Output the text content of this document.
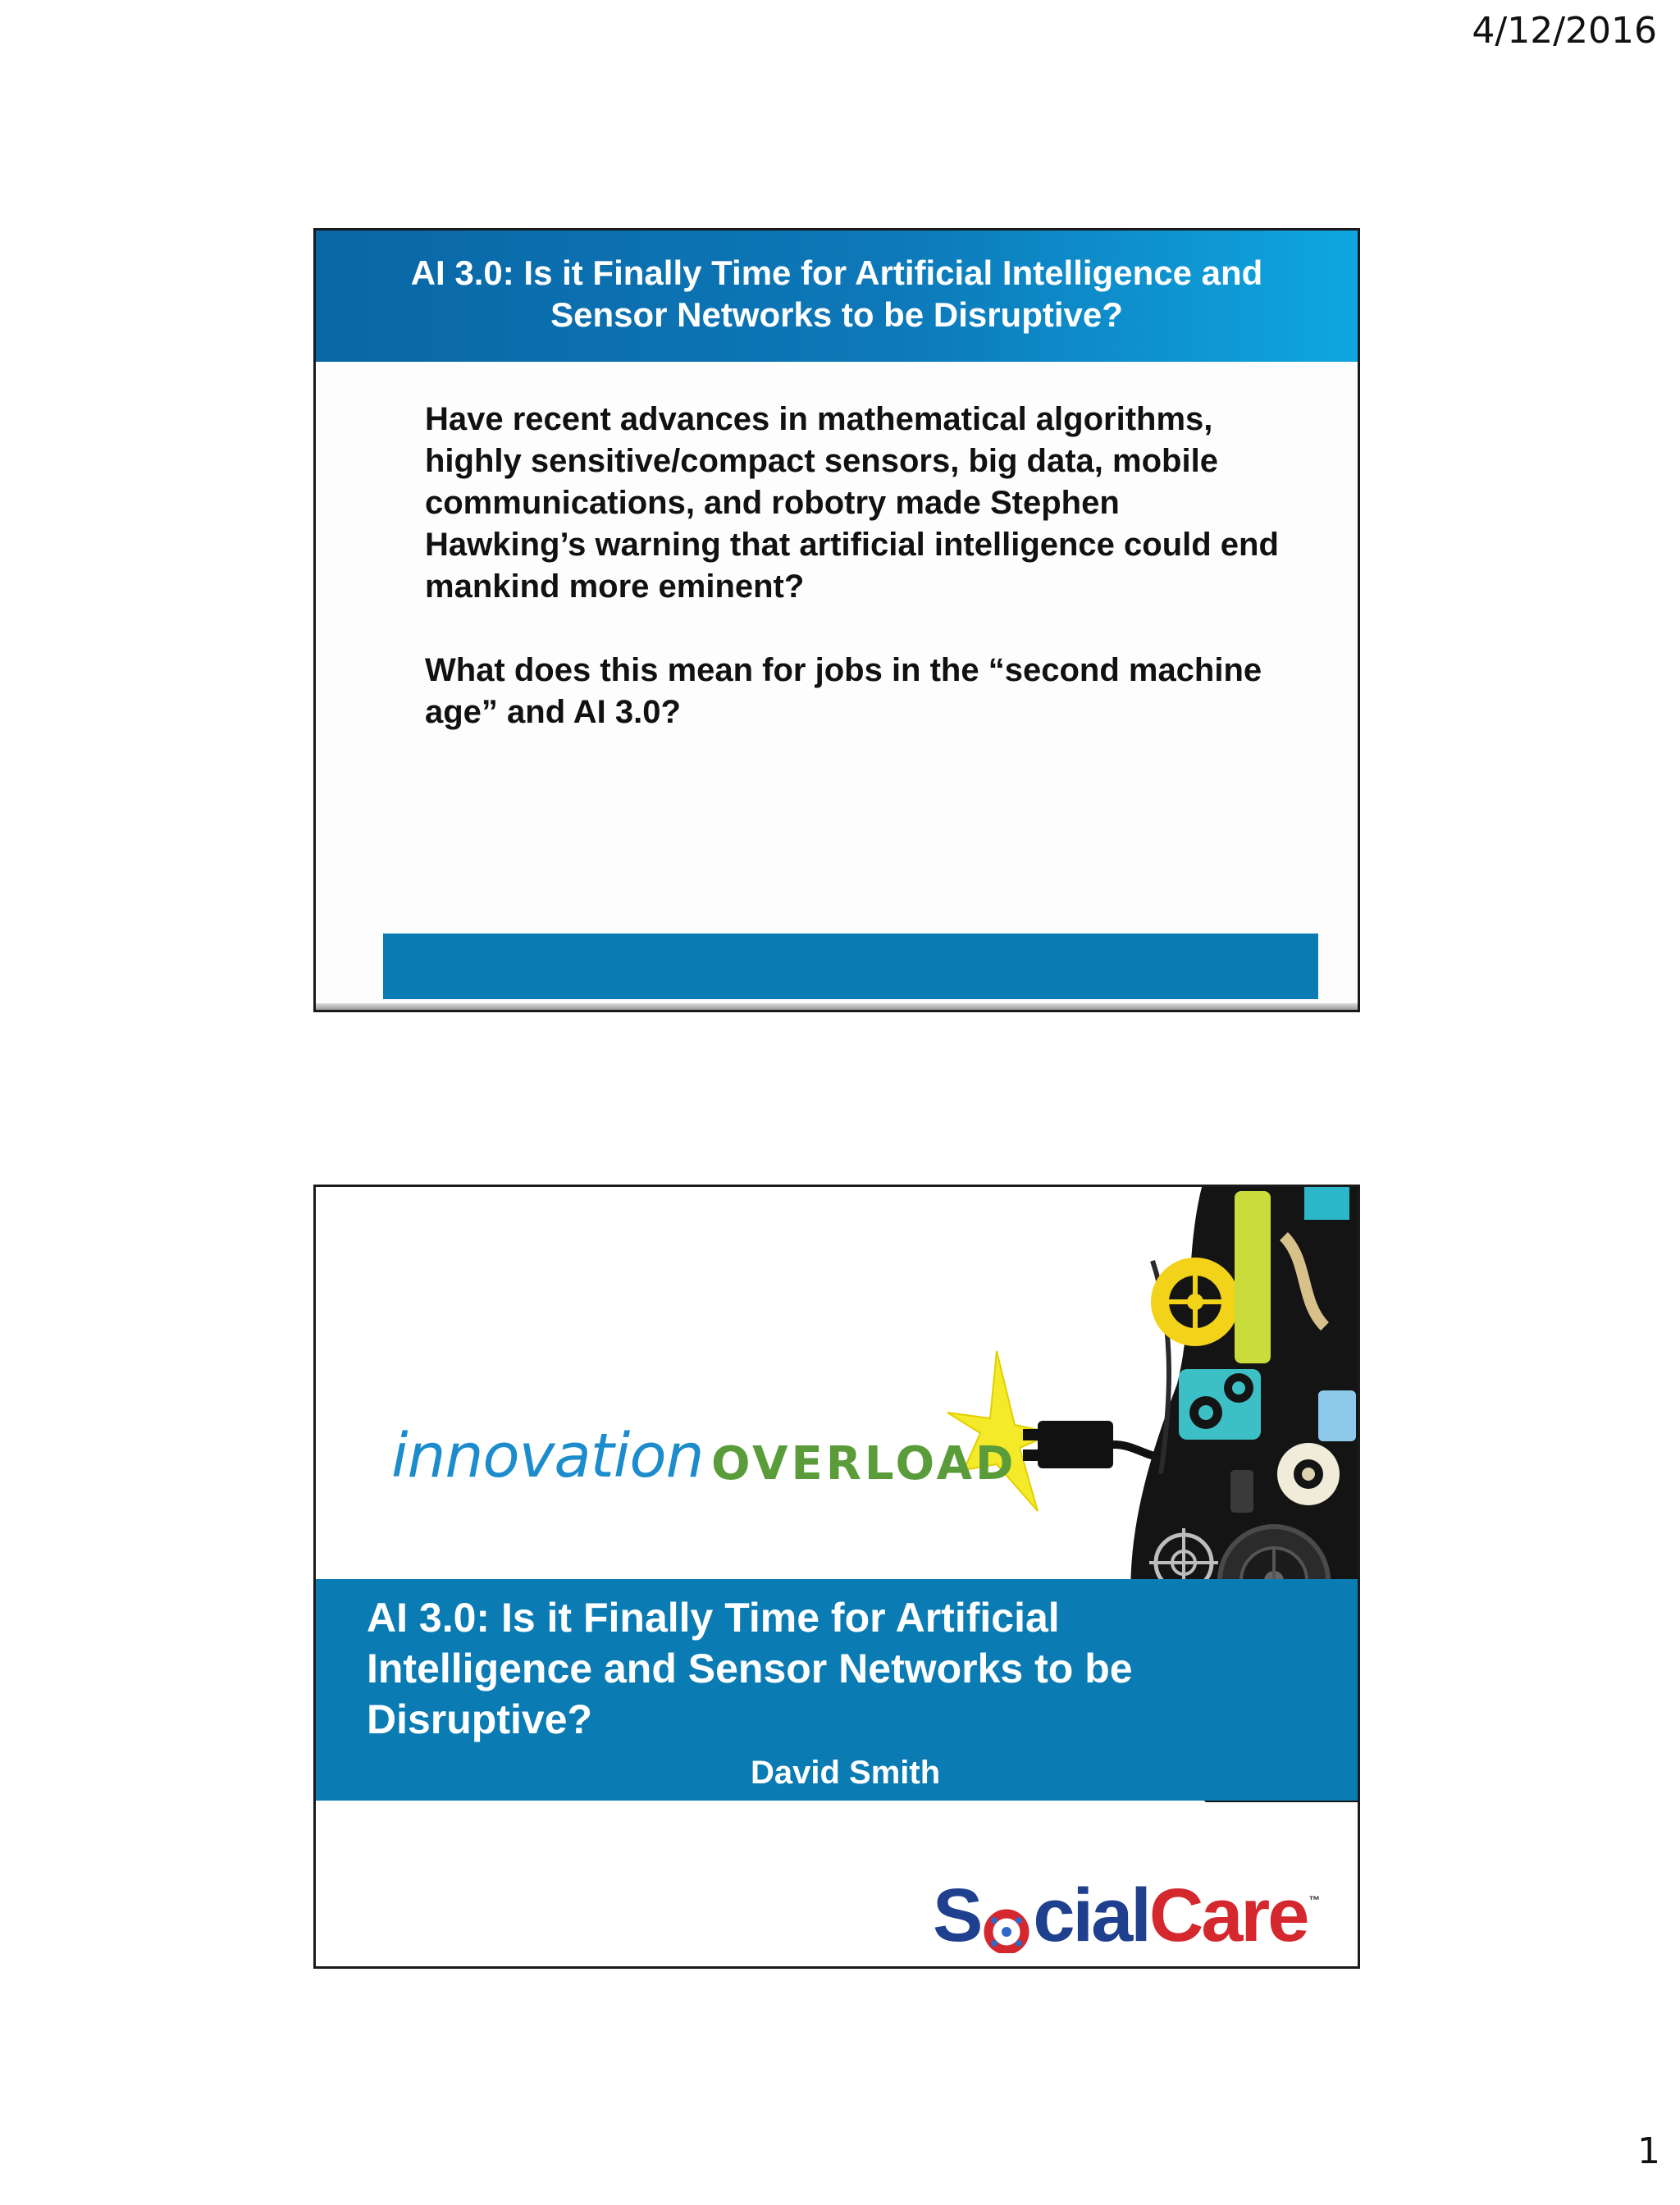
4/12/2016
AI 3.0: Is it Finally Time for Artificial Intelligence and
Sensor Networks to be Disruptive?

Have recent advances in mathematical algorithms, highly sensitive/compact sensors, big data, mobile communications, and robotry made Stephen Hawking’s warning that artificial intelligence could end mankind more eminent?

What does this mean for jobs in the “second machine age” and AI 3.0?

innovation OVERLOAD
AI 3.0: Is it Finally Time for Artificial Intelligence and Sensor Networks to be Disruptive?
David Smith
S cial Care ™
1
